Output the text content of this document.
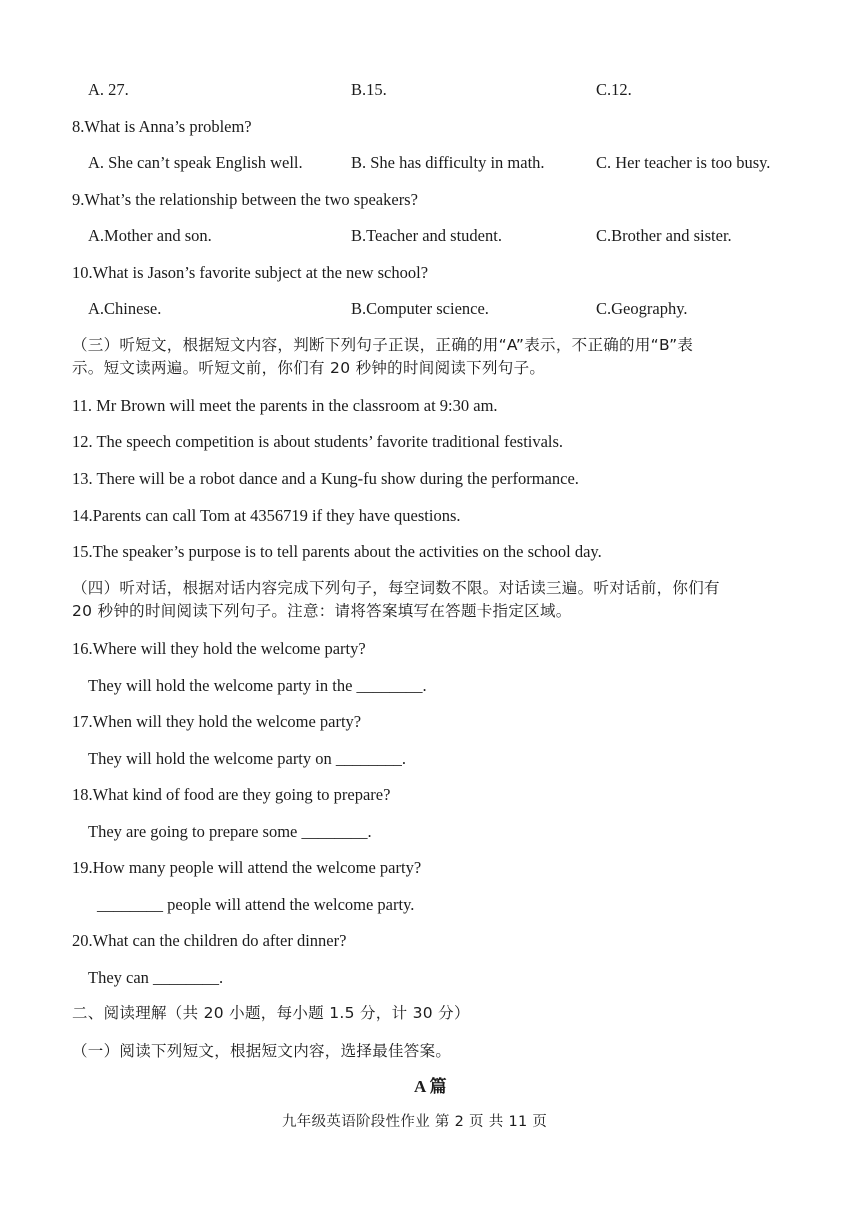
A. 27.	B.15.	C.12.
8.What is Anna’s problem?
A. She can’t speak English well.	B. She has difficulty in math.	C. Her teacher is too busy.
9.What’s the relationship between the two speakers?
A.Mother and son.	B.Teacher and student.	C.Brother and sister.
10.What is Jason’s favorite subject at the new school?
A.Chinese.	B.Computer science.	C.Geography.
（三）听短文，根据短文内容，判断下列句子正误，正确的用“A”表示，不正确的用“B”表
示。短文读两遍。听短文前，你们有 20 秒钟的时间阅读下列句子。
11. Mr Brown will meet the parents in the classroom at 9:30 am.
12. The speech competition is about students’ favorite traditional festivals.
13. There will be a robot dance and a Kung-fu show during the performance.
14.Parents can call Tom at 4356719 if they have questions.
15.The speaker’s purpose is to tell parents about the activities on the school day.
（四）听对话，根据对话内容完成下列句子，每空词数不限。对话读三遍。听对话前，你们有
20 秒钟的时间阅读下列句子。注意：请将答案填写在答题卡指定区域。
16.Where will they hold the welcome party?
They will hold the welcome party in the ________.
17.When will they hold the welcome party?
They will hold the welcome party on ________.
18.What kind of food are they going to prepare?
They are going to prepare some ________.
19.How many people will attend the welcome party?
________ people will attend the welcome party.
20.What can the children do after dinner?
They can ________.
二、阅读理解（共 20 小题，每小题 1.5 分，计 30 分）
（一）阅读下列短文，根据短文内容，选择最佳答案。
A 篇
九年级英语阶段性作业 第 2 页 共 11 页
